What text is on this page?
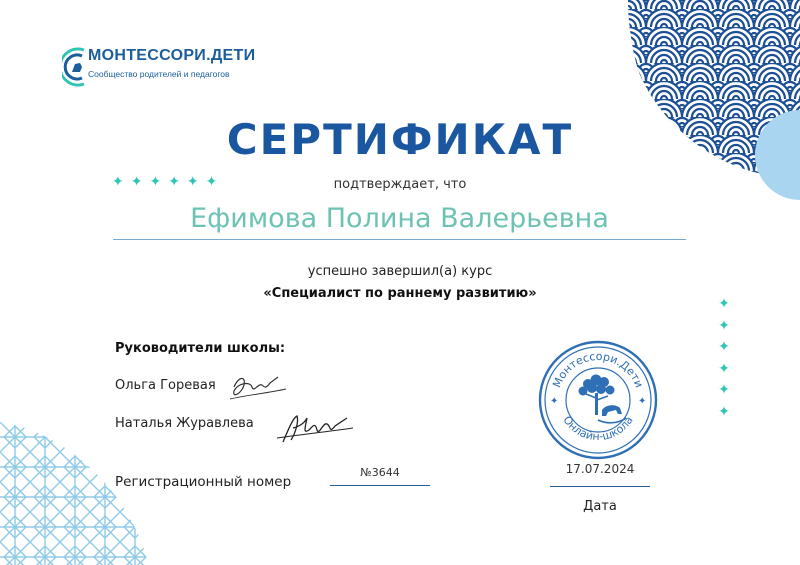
МОНТЕССОРИ.ДЕТИ
Сообщество родителей и педагогов
СЕРТИФИКАТ
✦✦✦✦✦✦	подтверждает, что
Ефимова Полина Валерьевна
успешно завершил(а) курс
«Специалист по раннему развитию»
Руководители школы:
Ольга Горевая
Наталья Журавлева
Регистрационный номер
№3644	17.07.2024
Дата
Монтессори.Дети
Онлайн-школа
✦	✦
✦
✦
✦
✦
✦
✦
